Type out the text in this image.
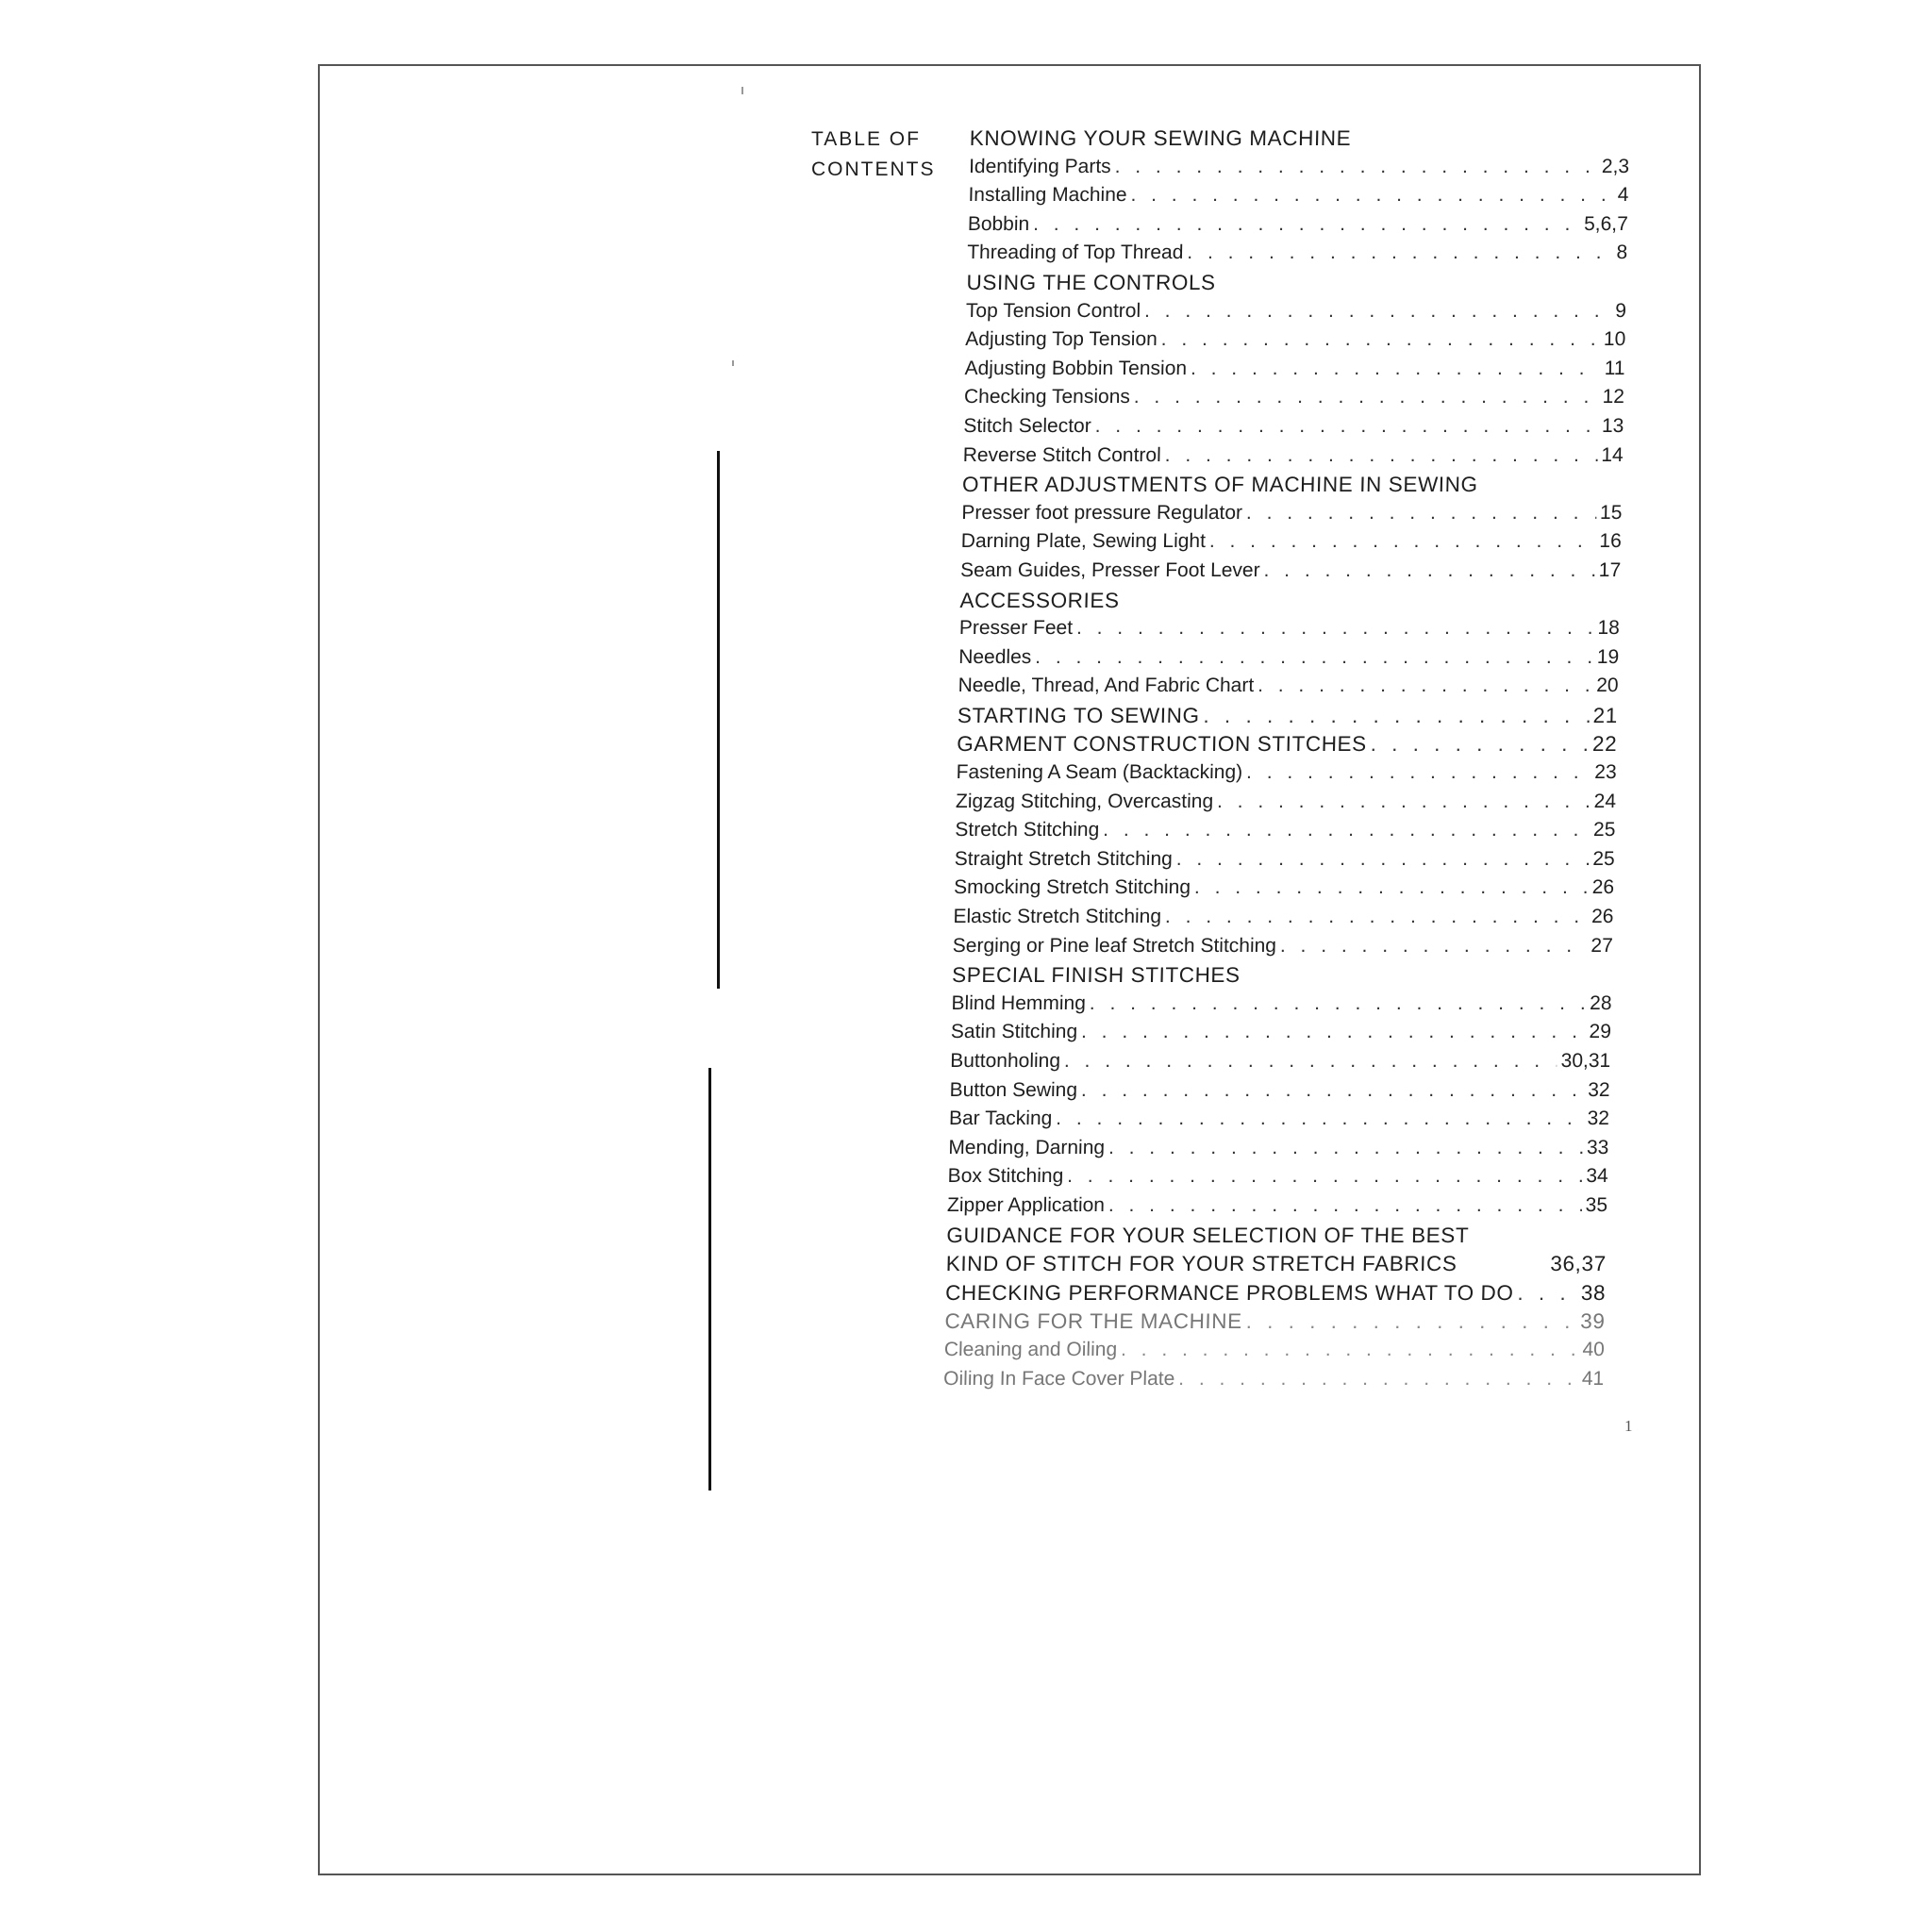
TABLE OF
CONTENTS
KNOWING YOUR SEWING MACHINE
Identifying Parts . . .	2,3
Installing Machine . . .	4
Bobbin . . .	5,6,7
Threading of Top Thread . . .	8
USING THE CONTROLS
Top Tension Control . . .	9
Adjusting Top Tension . . .	10
Adjusting Bobbin Tension . . .	11
Checking Tensions . . .	12
Stitch Selector . . .	13
Reverse Stitch Control . . .	14
OTHER ADJUSTMENTS OF MACHINE IN SEWING
Presser foot pressure Regulator . . .	15
Darning Plate, Sewing Light . . .	16
Seam Guides, Presser Foot Lever . . .	17
ACCESSORIES
Presser Feet . . .	18
Needles . . .	19
Needle, Thread, And Fabric Chart . . .	20
STARTING TO SEWING . . .	21
GARMENT CONSTRUCTION STITCHES . . .	22
Fastening A Seam (Backtacking) . . .	23
Zigzag Stitching, Overcasting . . .	24
Stretch Stitching . . .	25
Straight Stretch Stitching . . .	25
Smocking Stretch Stitching . . .	26
Elastic Stretch Stitching . . .	26
Serging or Pine leaf Stretch Stitching . . .	27
SPECIAL FINISH STITCHES
Blind Hemming . . .	28
Satin Stitching . . .	29
Buttonholing . . .	30,31
Button Sewing . . .	32
Bar Tacking . . .	32
Mending, Darning . . .	33
Box Stitching . . .	34
Zipper Application . . .	35
GUIDANCE FOR YOUR SELECTION OF THE BEST
KIND OF STITCH FOR YOUR STRETCH FABRICS	36,37
CHECKING PERFORMANCE PROBLEMS WHAT TO DO . . .	38
CARING FOR THE MACHINE . . .	39
Cleaning and Oiling . . .	40
Oiling In Face Cover Plate . . .	41
1
